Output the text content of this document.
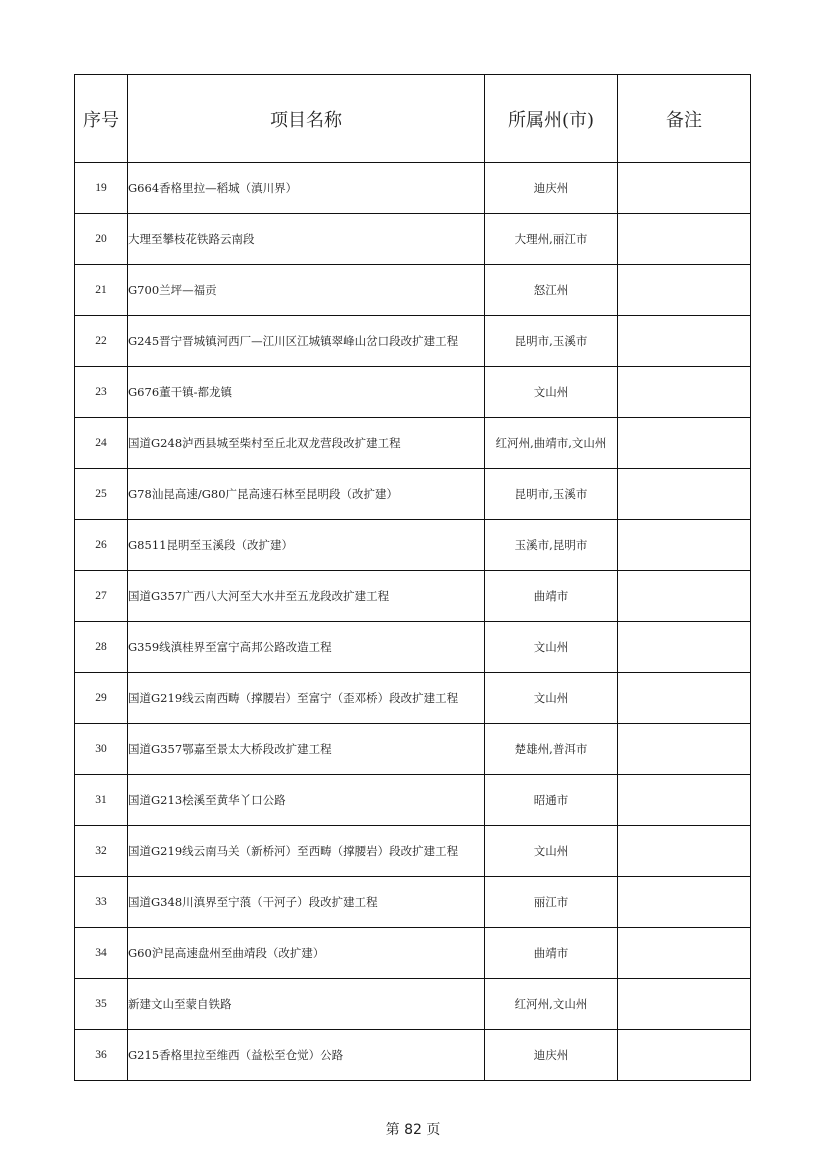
序号	项目名称	所属州(市)	备注
19	G664香格里拉—稻城（滇川界）	迪庆州	
20	大理至攀枝花铁路云南段	大理州,丽江市	
21	G700兰坪—福贡	怒江州	
22	G245晋宁晋城镇河西厂—江川区江城镇翠峰山岔口段改扩建工程	昆明市,玉溪市	
23	G676董干镇-都龙镇	文山州	
24	国道G248泸西县城至柴村至丘北双龙营段改扩建工程	红河州,曲靖市,文山州	
25	G78汕昆高速/G80广昆高速石林至昆明段（改扩建）	昆明市,玉溪市	
26	G8511昆明至玉溪段（改扩建）	玉溪市,昆明市	
27	国道G357广西八大河至大水井至五龙段改扩建工程	曲靖市	
28	G359线滇桂界至富宁高邦公路改造工程	文山州	
29	国道G219线云南西畴（撑腰岩）至富宁（歪邓桥）段改扩建工程	文山州	
30	国道G357鄂嘉至景太大桥段改扩建工程	楚雄州,普洱市	
31	国道G213桧溪至黄华丫口公路	昭通市	
32	国道G219线云南马关（新桥河）至西畴（撑腰岩）段改扩建工程	文山州	
33	国道G348川滇界至宁蒗（干河子）段改扩建工程	丽江市	
34	G60沪昆高速盘州至曲靖段（改扩建）	曲靖市	
35	新建文山至蒙自铁路	红河州,文山州	
36	G215香格里拉至维西（益松至仓觉）公路	迪庆州	
第 82 页
